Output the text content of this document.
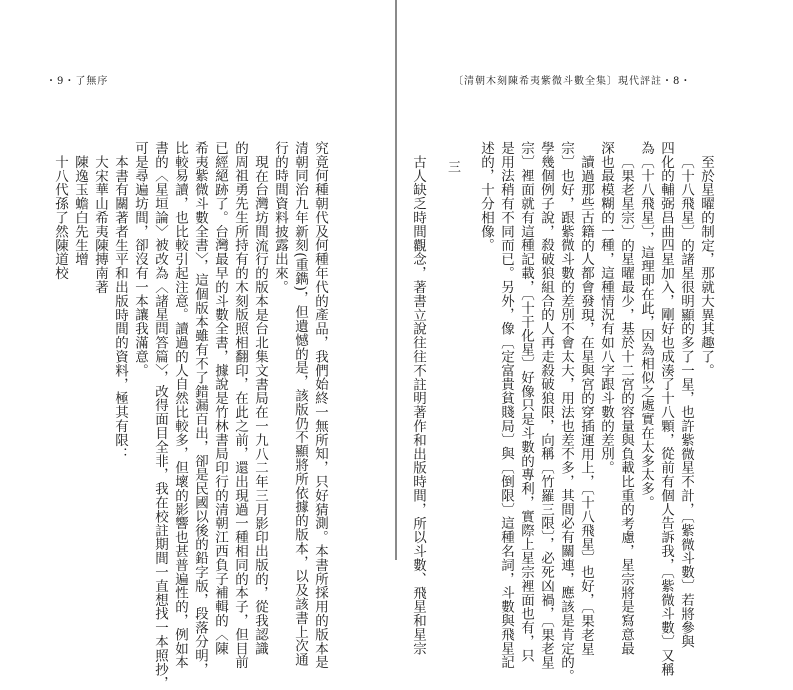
・9・了無序
究竟何種朝代及何種年代的產品，我們始終一無所知，只好猜測。本書所採用的版本是
清朝同治九年新刻(重鐫)，但遺憾的是，該版仍不顯將所依據的版本，以及該書上次通
行的時間資料披露出來。
現在台灣坊間流行的版本是台北集文書局在一九八二年三月影印出版的，從我認識
的周祖勇先生所持有的木刻版照相翻印，在此之前，還出現過一種相同的本子，但目前
已經絕跡了。台灣最早的斗數全書，據說是竹林書局印行的清朝江西負子補輯的〈陳
希夷紫微斗數全書〉，這個版本雖有不了錯漏百出，卻是民國以後的鉛字版，段落分明，
比較易讀，也比較引起注意。讀過的人自然比較多，但壞的影響也甚普遍性的，例如本
書的〈星垣論〉被改為〈諸星問答篇〉，改得面目全非，我在校註期間一直想找一本照抄，
可是尋遍坊間，卻沒有一本讓我滿意。
本書有關著者生平和出版時間的資料，極其有限：
大宋華山希夷陳摶南著
陳逸玉蟾白先生增
十八代孫了然陳道校
〔清朝木刻陳希夷紫微斗數全集〕現代評註・8・
至於星曜的制定，那就大異其趣了。
〔十八飛星〕的諸星很明顯的多了一星，也許紫微星不計，〔紫微斗數〕若將參與
四化的輔弼昌曲四星加入，剛好也成湊了十八顆，從前有個人告訴我，〔紫微斗數〕又稱
為〔十八飛星〕，這理即在此，因為相似之處實在太多太多。
〔果老星宗〕的星曜最少，基於十二宮的容量與負載比重的考慮，星宗將是寫意最
深也最模糊的一種，這種情況有如八字跟斗數的差別。
讀過那些古籍的人都會發現，在星與宮的穿插運用上，〔十八飛星〕也好，〔果老星
宗〕也好，跟紫微斗數的差別不會太大，用法也差不多，其間必有關連，應該是肯定的。
學幾個例子說，殺破狼組合的人再走殺破狼限，向稱〔竹羅三限〕，必死凶禍，〔果老星
宗〕裡面就有這種記載，〔十干化星〕好像只是斗數的專利，實際上星宗裡面也有，只
是用法稍有不同而已。另外，像〔定富貴貧賤局〕與〔倒限〕這種名詞，斗數與飛星記
述的，十分相像。
三
古人缺乏時間觀念，著書立說往往不註明著作和出版時間，所以斗數、飛星和星宗
